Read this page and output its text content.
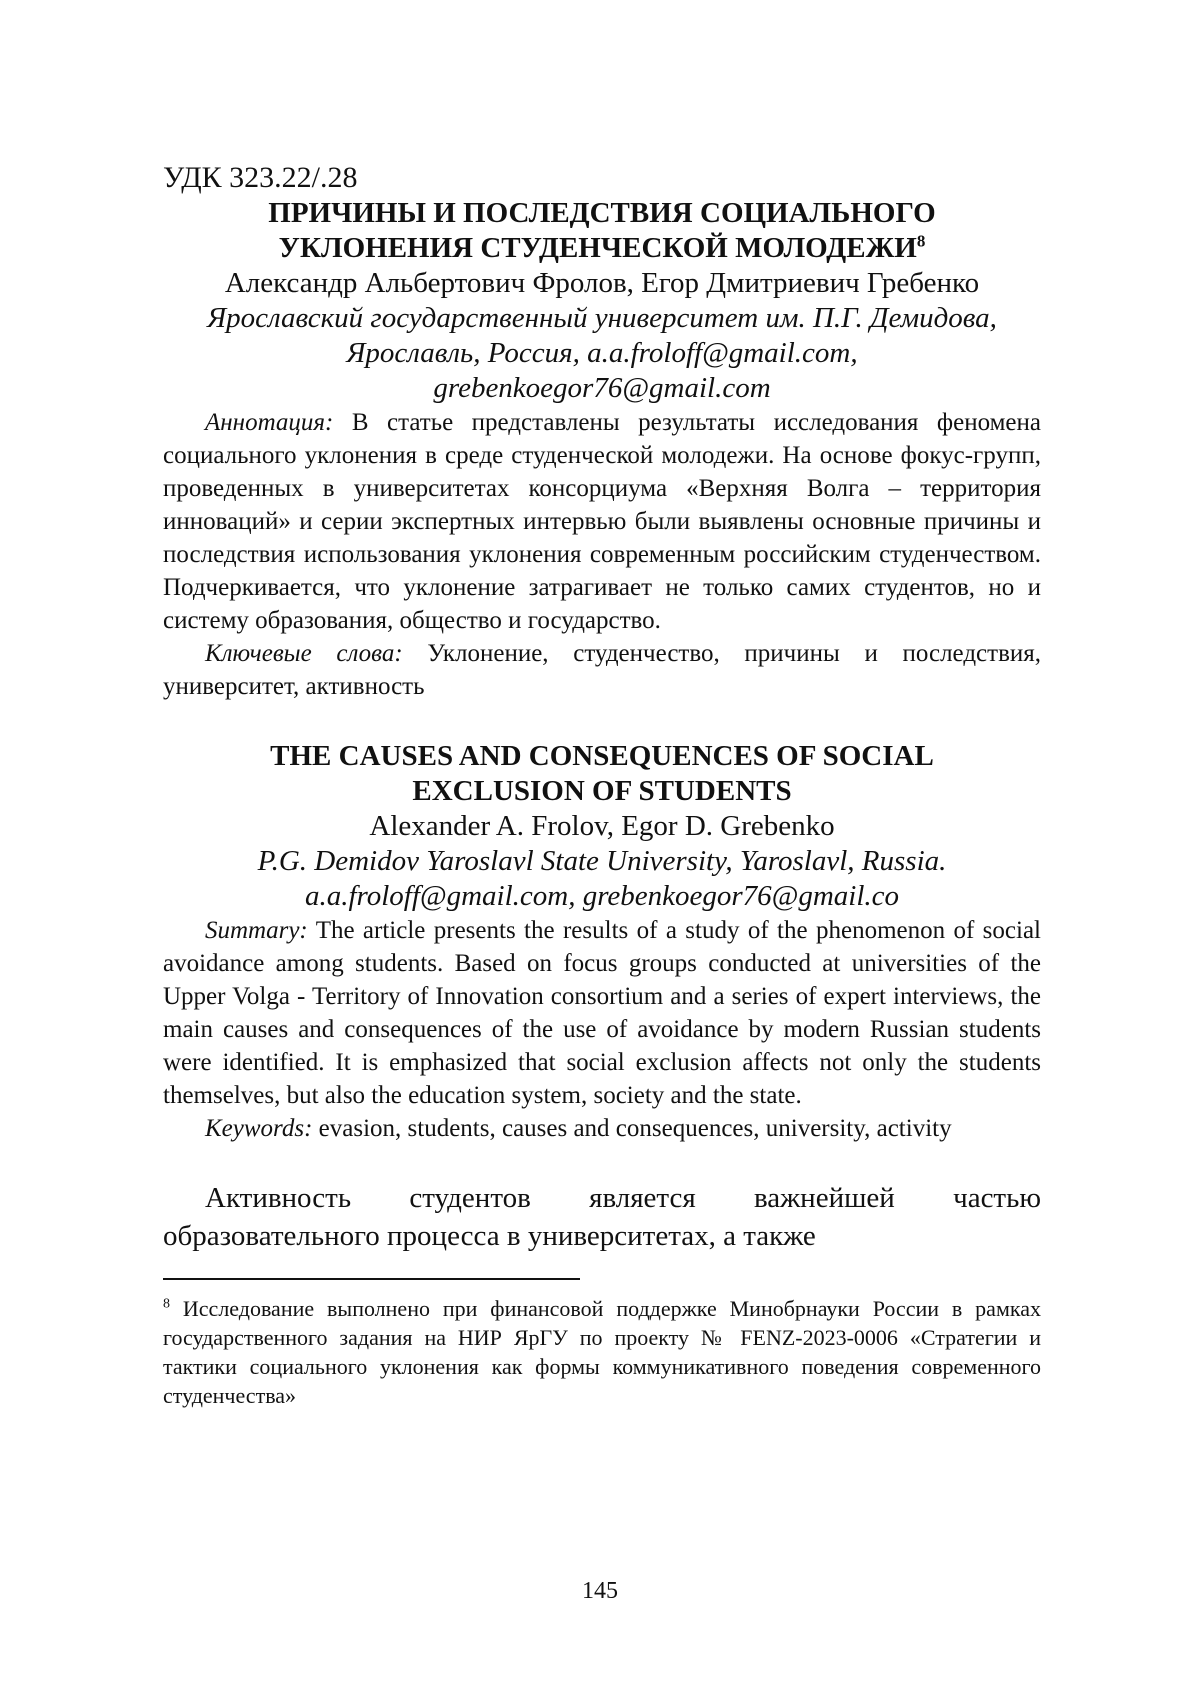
УДК 323.22/.28

ПРИЧИНЫ И ПОСЛЕДСТВИЯ СОЦИАЛЬНОГО
УКЛОНЕНИЯ СТУДЕНЧЕСКОЙ МОЛОДЕЖИ$^8$

Александр Альбертович Фролов, Егор Дмитриевич Гребенко

Ярославский государственный университет им. П.Г. Демидова,
Ярославль, Россия, a.a.froloff@gmail.com,
grebenkoegor76@gmail.com

Аннотация: В статье представлены результаты исследования феномена социального уклонения в среде студенческой молодежи. На основе фокус-групп, проведенных в университетах консорциума «Верхняя Волга – территория инноваций» и серии экспертных интервью были выявлены основные причины и последствия использования уклонения современным российским студенчеством. Подчеркивается, что уклонение затрагивает не только самих студентов, но и систему образования, общество и государство.

Ключевые слова: Уклонение, студенчество, причины и последствия, университет, активность

THE CAUSES AND CONSEQUENCES OF SOCIAL
EXCLUSION OF STUDENTS

Alexander A. Frolov, Egor D. Grebenko

P.G. Demidov Yaroslavl State University, Yaroslavl, Russia.
a.a.froloff@gmail.com, grebenkoegor76@gmail.co

Summary: The article presents the results of a study of the phenomenon of social avoidance among students. Based on focus groups conducted at universities of the Upper Volga - Territory of Innovation consortium and a series of expert interviews, the main causes and consequences of the use of avoidance by modern Russian students were identified. It is emphasized that social exclusion affects not only the students themselves, but also the education system, society and the state.

Keywords: evasion, students, causes and consequences, university, activity

Активность студентов является важнейшей частью образовательного процесса в университетах, а также

$^8$ Исследование выполнено при финансовой поддержке Минобрнауки России в рамках государственного задания на НИР ЯрГУ по проекту № FENZ-2023-0006 «Стратегии и тактики социального уклонения как формы коммуникативного поведения современного студенчества»

145
